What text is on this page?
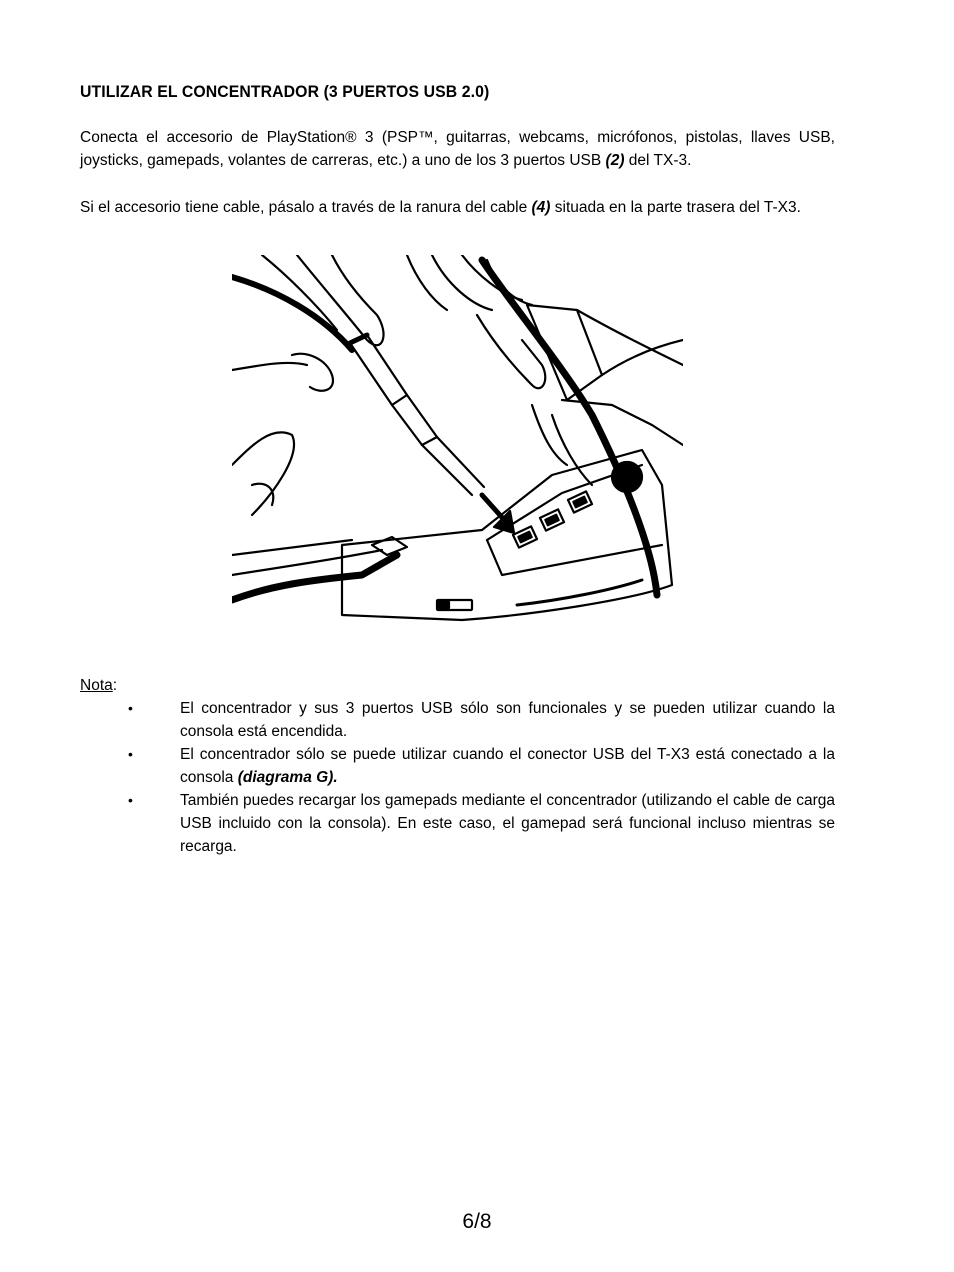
UTILIZAR EL CONCENTRADOR (3 PUERTOS USB 2.0)

Conecta el accesorio de PlayStation® 3 (PSP™, guitarras, webcams, micrófonos, pistolas, llaves USB, joysticks, gamepads, volantes de carreras, etc.) a uno de los 3 puertos USB (2) del TX-3.

Si el accesorio tiene cable, pásalo a través de la ranura del cable (4) situada en la parte trasera del T-X3.

Nota:
•	El concentrador y sus 3 puertos USB sólo son funcionales y se pueden utilizar cuando la consola está encendida.
•	El concentrador sólo se puede utilizar cuando el conector USB del T-X3 está conectado a la consola (diagrama G).
•	También puedes recargar los gamepads mediante el concentrador (utilizando el cable de carga USB incluido con la consola). En este caso, el gamepad será funcional incluso mientras se recarga.
6/8
